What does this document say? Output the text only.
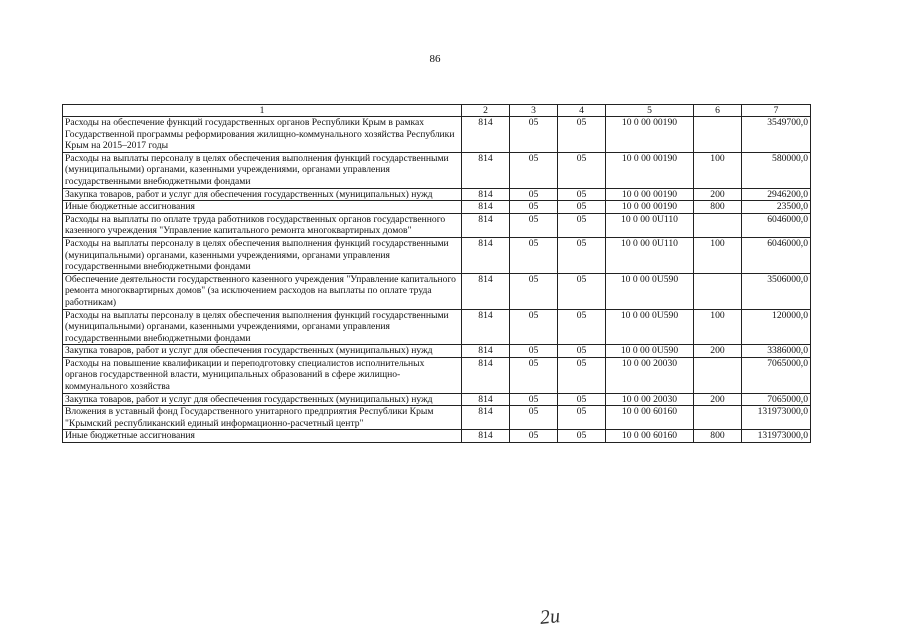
86
1	2	3	4	5	6	7
Расходы на обеспечение функций государственных органов Республики Крым в рамках Государственной программы реформирования жилищно-коммунального хозяйства Республики Крым на 2015–2017 годы	814	05	05	10 0 00 00190		3549700,0
Расходы на выплаты персоналу в целях обеспечения выполнения функций государственными (муниципальными) органами, казенными учреждениями, органами управления государственными внебюджетными фондами	814	05	05	10 0 00 00190	100	580000,0
Закупка товаров, работ и услуг для обеспечения государственных (муниципальных) нужд	814	05	05	10 0 00 00190	200	2946200,0
Иные бюджетные ассигнования	814	05	05	10 0 00 00190	800	23500,0
Расходы на выплаты по оплате труда работников государственных органов государственного казенного учреждения "Управление капитального ремонта многоквартирных домов"	814	05	05	10 0 00 0U110		6046000,0
Расходы на выплаты персоналу в целях обеспечения выполнения функций государственными (муниципальными) органами, казенными учреждениями, органами управления государственными внебюджетными фондами	814	05	05	10 0 00 0U110	100	6046000,0
Обеспечение деятельности государственного казенного учреждения "Управление капитального ремонта многоквартирных домов" (за исключением расходов на выплаты по оплате труда работникам)	814	05	05	10 0 00 0U590		3506000,0
Расходы на выплаты персоналу в целях обеспечения выполнения функций государственными (муниципальными) органами, казенными учреждениями, органами управления государственными внебюджетными фондами	814	05	05	10 0 00 0U590	100	120000,0
Закупка товаров, работ и услуг для обеспечения государственных (муниципальных) нужд	814	05	05	10 0 00 0U590	200	3386000,0
Расходы на повышение квалификации и переподготовку специалистов исполнительных органов государственной власти, муниципальных образований в сфере жилищно-коммунального хозяйства	814	05	05	10 0 00 20030		7065000,0
Закупка товаров, работ и услуг для обеспечения государственных (муниципальных) нужд	814	05	05	10 0 00 20030	200	7065000,0
Вложения в уставный фонд Государственного унитарного предприятия Республики Крым "Крымский республиканский единый информационно-расчетный центр"	814	05	05	10 0 00 60160		131973000,0
Иные бюджетные ассигнования	814	05	05	10 0 00 60160	800	131973000,0
2u
